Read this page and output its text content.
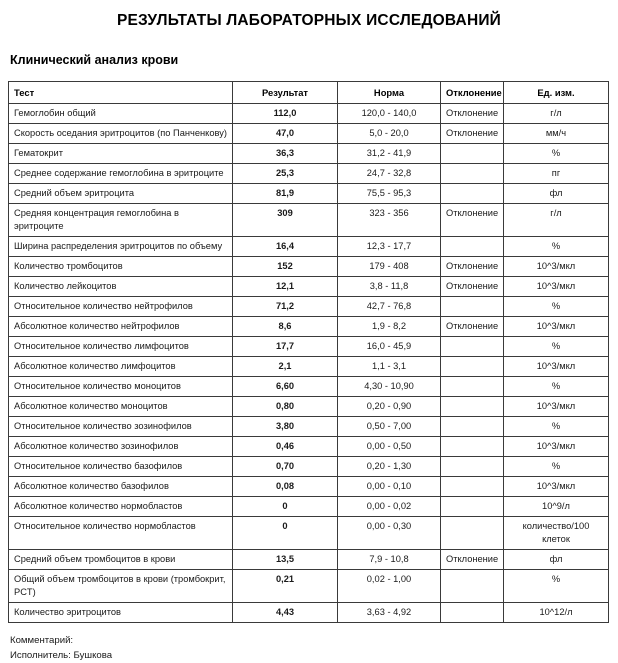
РЕЗУЛЬТАТЫ ЛАБОРАТОРНЫХ ИССЛЕДОВАНИЙ
Клинический анализ крови
Тест	Результат	Норма	Отклонение	Ед. изм.
Гемоглобин общий	112,0	120,0 - 140,0	Отклонение	г/л
Скорость оседания эритроцитов (по Панченкову)	47,0	5,0 - 20,0	Отклонение	мм/ч
Гематокрит	36,3	31,2 - 41,9		%
Среднее содержание гемоглобина в эритроците	25,3	24,7 - 32,8		пг
Средний объем эритроцита	81,9	75,5 - 95,3		фл
Средняя концентрация гемоглобина в эритроците	309	323 - 356	Отклонение	г/л
Ширина распределения эритроцитов по объему	16,4	12,3 - 17,7		%
Количество тромбоцитов	152	179 - 408	Отклонение	10^3/мкл
Количество лейкоцитов	12,1	3,8 - 11,8	Отклонение	10^3/мкл
Относительное количество нейтрофилов	71,2	42,7 - 76,8		%
Абсолютное количество нейтрофилов	8,6	1,9 - 8,2	Отклонение	10^3/мкл
Относительное количество лимфоцитов	17,7	16,0 - 45,9		%
Абсолютное количество лимфоцитов	2,1	1,1 - 3,1		10^3/мкл
Относительное количество моноцитов	6,60	4,30 - 10,90		%
Абсолютное количество моноцитов	0,80	0,20 - 0,90		10^3/мкл
Относительное количество зозинофилов	3,80	0,50 - 7,00		%
Абсолютное количество зозинофилов	0,46	0,00 - 0,50		10^3/мкл
Относительное количество базофилов	0,70	0,20 - 1,30		%
Абсолютное количество базофилов	0,08	0,00 - 0,10		10^3/мкл
Абсолютное количество нормобластов	0	0,00 - 0,02		10^9/л
Относительное количество нормобластов	0	0,00 - 0,30		количество/100 клеток
Средний объем тромбоцитов в крови	13,5	7,9 - 10,8	Отклонение	фл
Общий объем тромбоцитов в крови (тромбокрит, PCT)	0,21	0,02 - 1,00		%
Количество эритроцитов	4,43	3,63 - 4,92		10^12/л
Комментарий:
Исполнитель: Бушкова
